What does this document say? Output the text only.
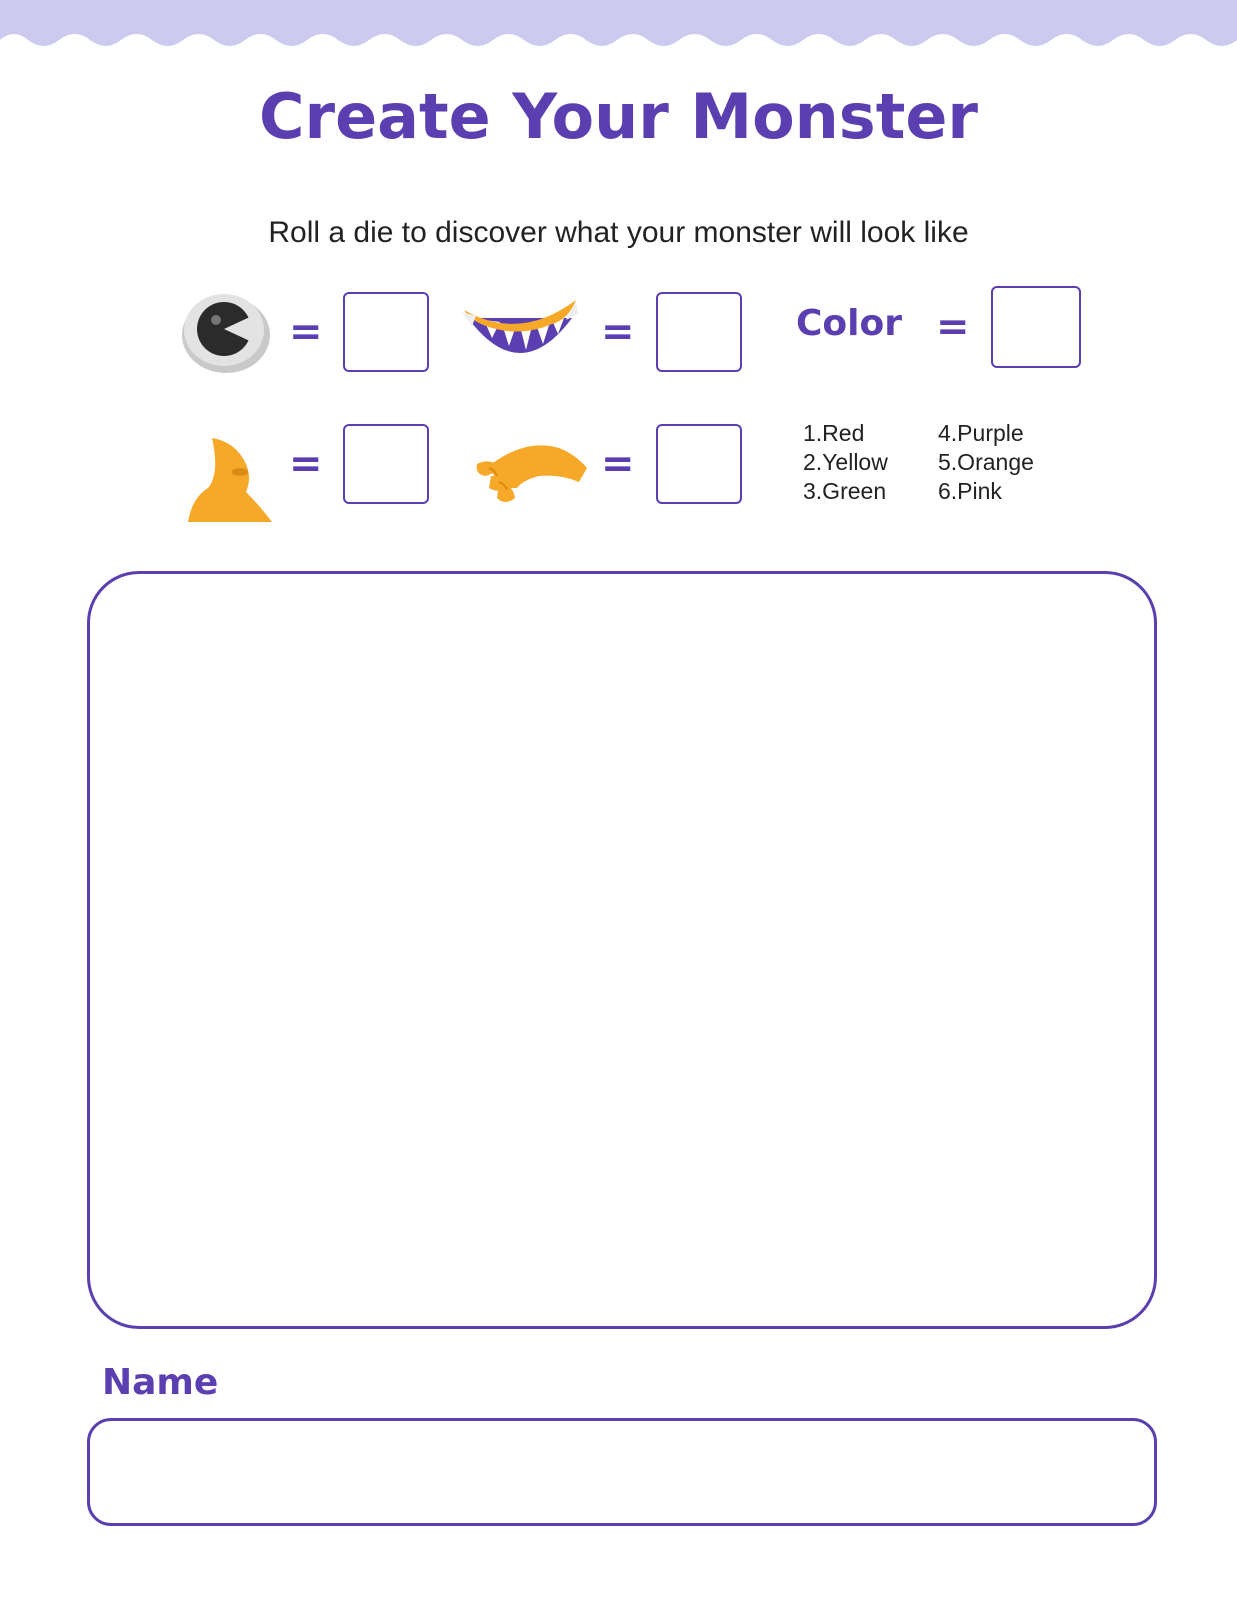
Create Your Monster
Roll a die to discover what your monster will look like
=	=	Color =
=	=
1.Red	4.Purple
2.Yellow	5.Orange
3.Green	6.Pink
Name
